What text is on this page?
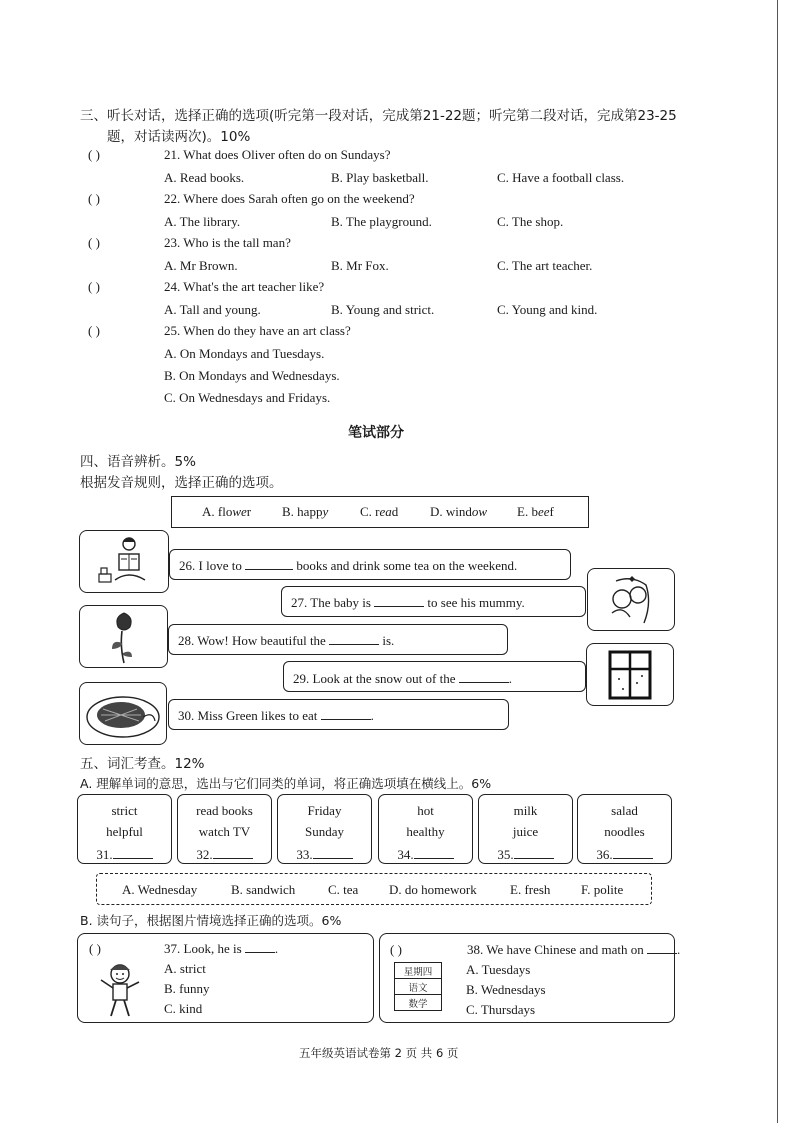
三、听长对话，选择正确的选项(听完第一段对话，完成第21-22题；听完第二段对话，完成第23-25
题，对话读两次)。10%
( )	21. What does Oliver often do on Sundays?
A. Read books.	B. Play basketball.	C. Have a football class.
( )	22. Where does Sarah often go on the weekend?
A. The library.	B. The playground.	C. The shop.
( )	23. Who is the tall man?
A. Mr Brown.	B. Mr Fox.	C. The art teacher.
( )	24. What's the art teacher like?
A. Tall and young.	B. Young and strict.	C. Young and kind.
( )	25. When do they have an art class?
A. On Mondays and Tuesdays.
B. On Mondays and Wednesdays.
C. On Wednesdays and Fridays.
笔试部分
四、语音辨析。5%
根据发音规则，选择正确的选项。
A. flower B. happy C. read D. window E. beef
26. I love to	books and drink some tea on the weekend.
27. The baby is	to see his mummy.
28. Wow! How beautiful the	is.
29. Look at the snow out of the	.
30. Miss Green likes to eat	.
五、词汇考查。12%
A. 理解单词的意思，选出与它们同类的单词，将正确选项填在横线上。6%
strict
helpful
31.
read books
watch TV
32.
Friday
Sunday
33.
hot
healthy
34.
milk
juice
35.
salad
noodles
36.
A. Wednesday	B. sandwich	C. tea D. do homework	E. fresh F. polite
B. 读句子，根据图片情境选择正确的选项。6%
( )	37. Look, he is	.
A. strict
B. funny
C. kind
( )	38. We have Chinese and math on	.
星期四
语文
数学
A. Tuesdays
B. Wednesdays
C. Thursdays
五年级英语试卷第 2 页 共 6 页
